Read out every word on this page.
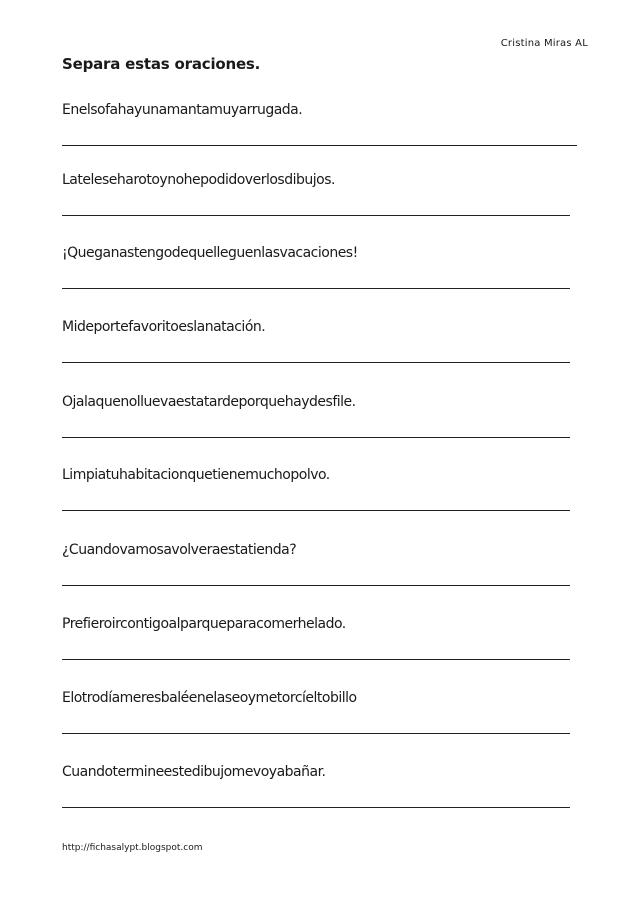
Cristina Miras AL
Separa estas oraciones.
Enelsofahayunamantamuyarrugada.
Lateleseharotoynohepodidoverlosdibujos.
¡Queganastengodequelleguenlasvacaciones!
Mideportefavoritoeslanatación.
Ojalaquenolluevaestatardeporquehaydesfile.
Limpiatuhabitacionquetienemuchopolvo.
¿Cuandovamosavolveraestatienda?
Prefieroircontigoalparqueparacomerhelado.
Elotrodíameresbaléenelaseoymetorcíeltobillo
Cuandotermineestedibujomevoyabañar.
http://fichasalypt.blogspot.com
